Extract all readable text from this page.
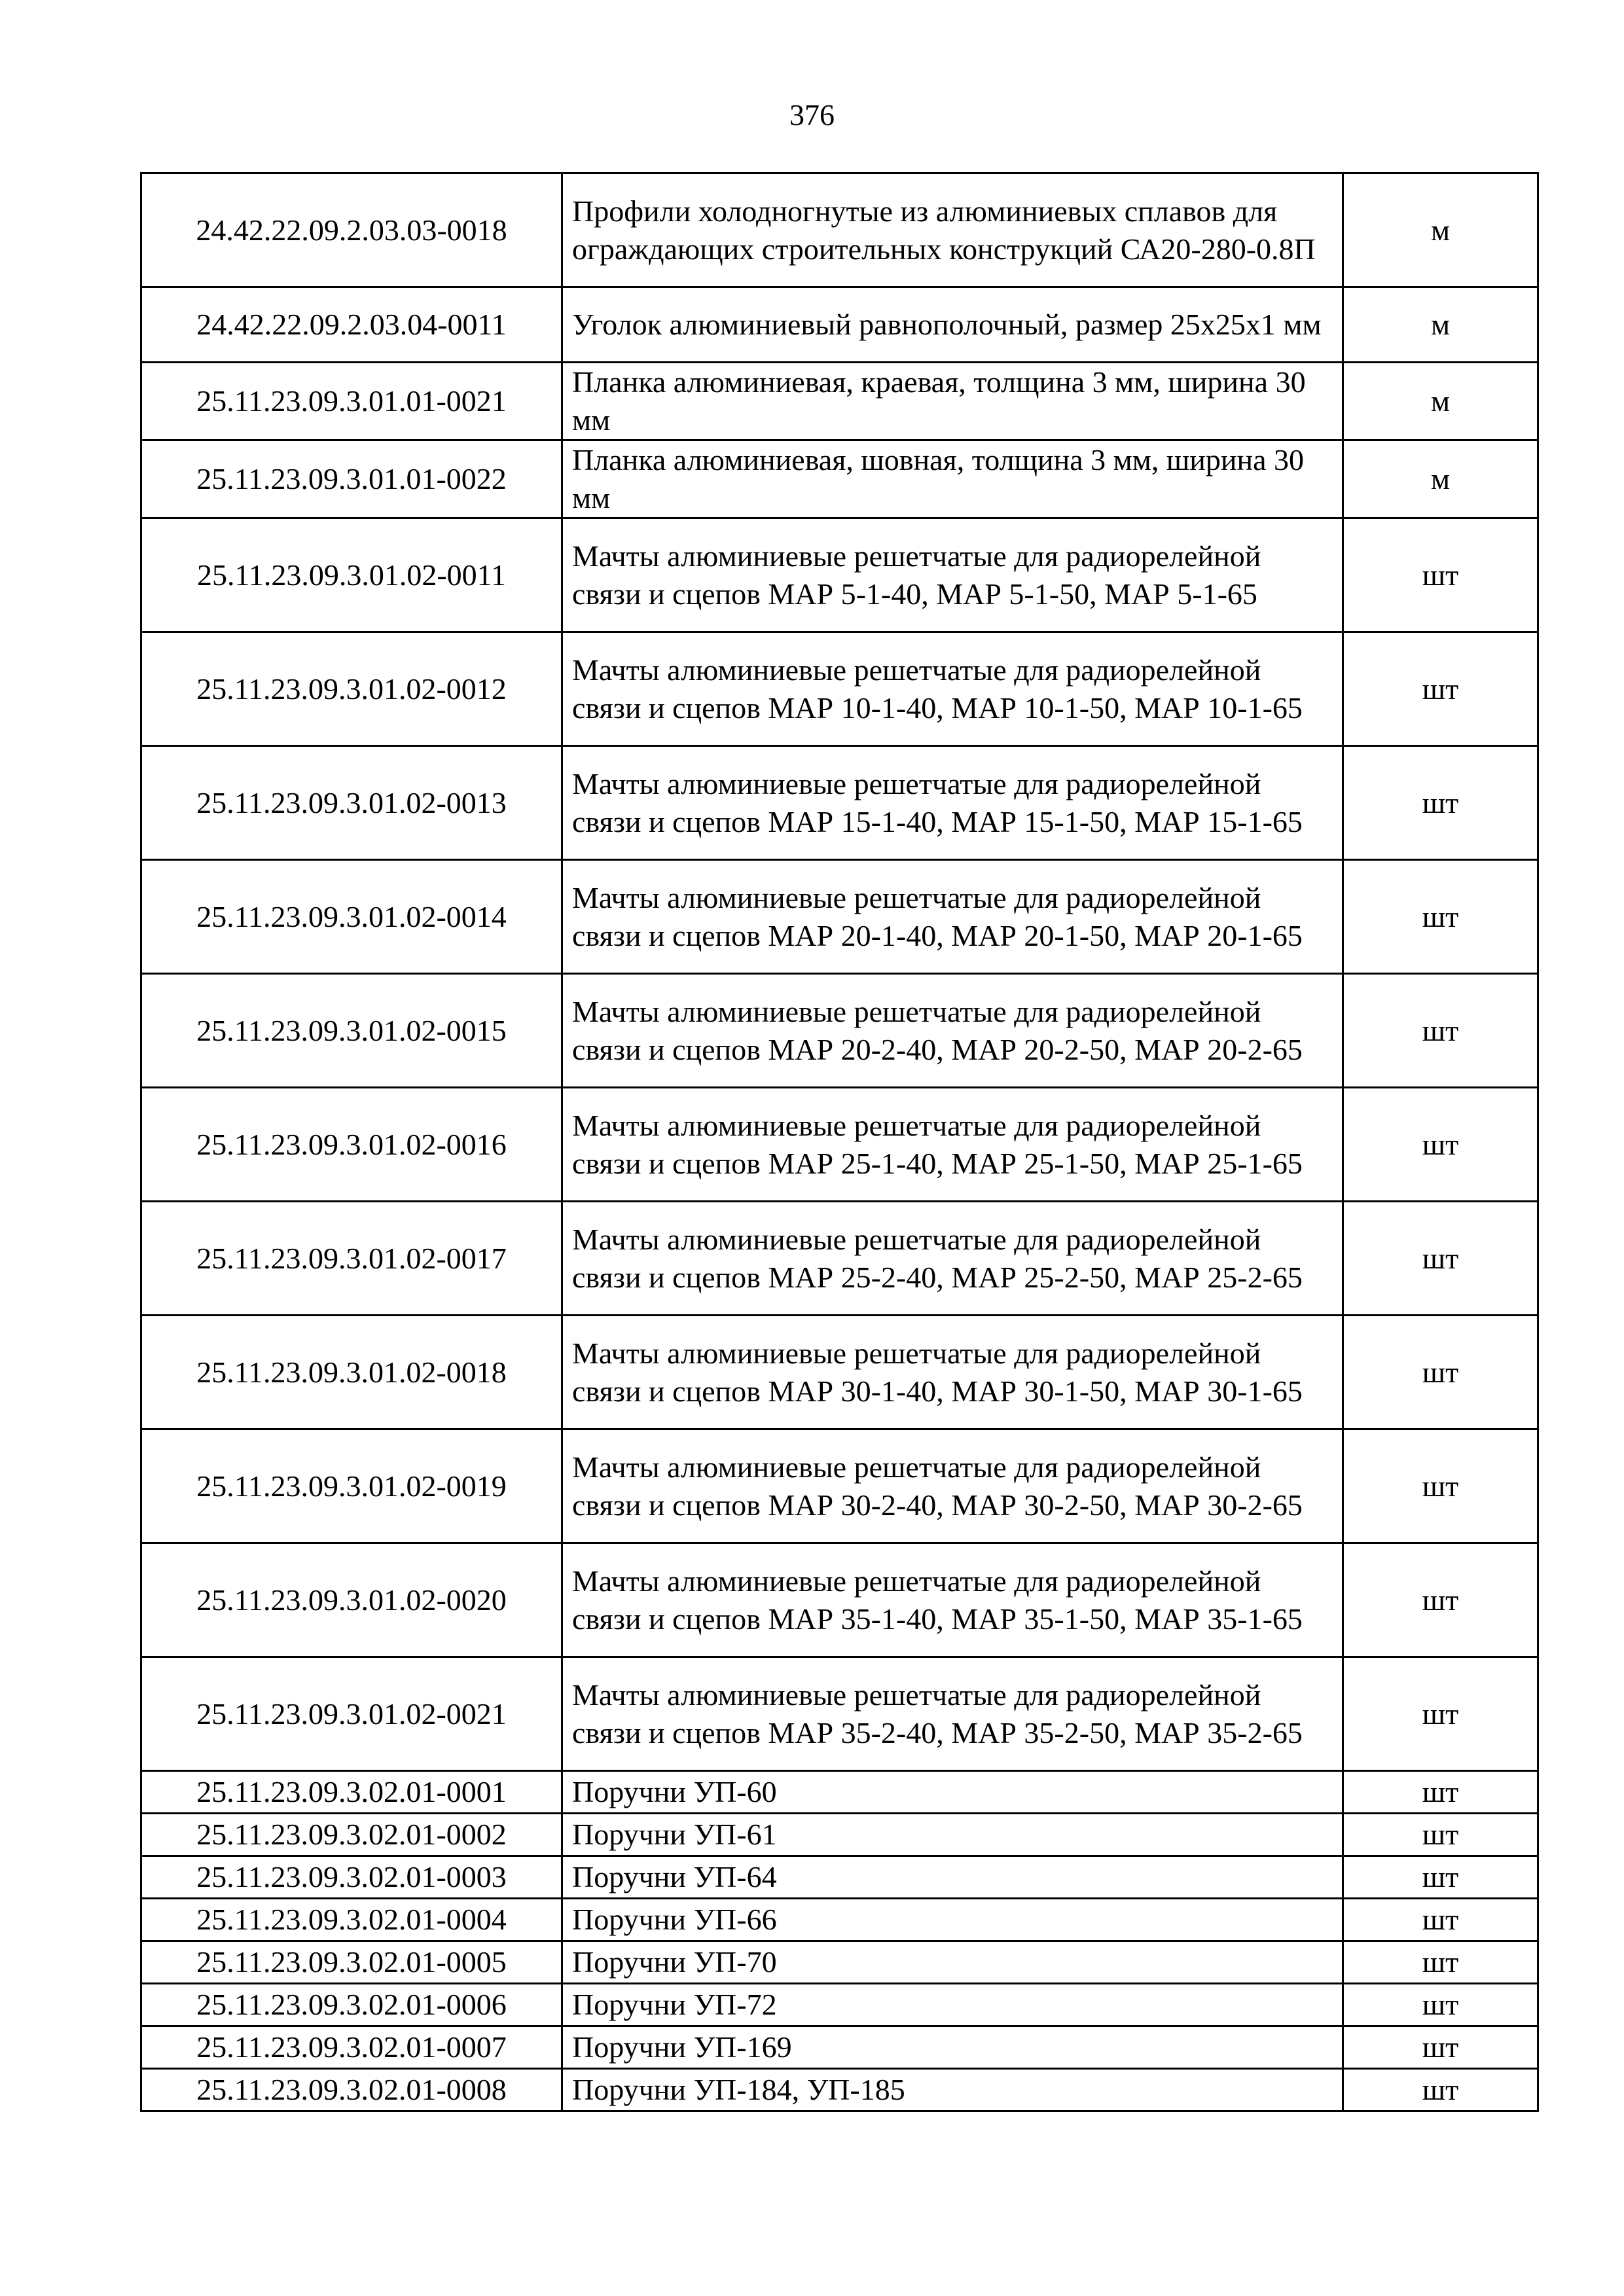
376
24.42.22.09.2.03.03-0018	Профили холодногнутые из алюминиевых сплавов для ограждающих строительных конструкций СА20-280-0.8П	м
24.42.22.09.2.03.04-0011	Уголок алюминиевый равнополочный, размер 25х25х1 мм	м
25.11.23.09.3.01.01-0021	Планка алюминиевая, краевая, толщина 3 мм, ширина 30 мм	м
25.11.23.09.3.01.01-0022	Планка алюминиевая, шовная, толщина 3 мм, ширина 30 мм	м
25.11.23.09.3.01.02-0011	Мачты алюминиевые решетчатые для радиорелейной связи и сцепов МАР 5-1-40, МАР 5-1-50, МАР 5-1-65	шт
25.11.23.09.3.01.02-0012	Мачты алюминиевые решетчатые для радиорелейной связи и сцепов МАР 10-1-40, МАР 10-1-50, МАР 10-1-65	шт
25.11.23.09.3.01.02-0013	Мачты алюминиевые решетчатые для радиорелейной связи и сцепов МАР 15-1-40, МАР 15-1-50, МАР 15-1-65	шт
25.11.23.09.3.01.02-0014	Мачты алюминиевые решетчатые для радиорелейной связи и сцепов МАР 20-1-40, МАР 20-1-50, МАР 20-1-65	шт
25.11.23.09.3.01.02-0015	Мачты алюминиевые решетчатые для радиорелейной связи и сцепов МАР 20-2-40, МАР 20-2-50, МАР 20-2-65	шт
25.11.23.09.3.01.02-0016	Мачты алюминиевые решетчатые для радиорелейной связи и сцепов МАР 25-1-40, МАР 25-1-50, МАР 25-1-65	шт
25.11.23.09.3.01.02-0017	Мачты алюминиевые решетчатые для радиорелейной связи и сцепов МАР 25-2-40, МАР 25-2-50, МАР 25-2-65	шт
25.11.23.09.3.01.02-0018	Мачты алюминиевые решетчатые для радиорелейной связи и сцепов МАР 30-1-40, МАР 30-1-50, МАР 30-1-65	шт
25.11.23.09.3.01.02-0019	Мачты алюминиевые решетчатые для радиорелейной связи и сцепов МАР 30-2-40, МАР 30-2-50, МАР 30-2-65	шт
25.11.23.09.3.01.02-0020	Мачты алюминиевые решетчатые для радиорелейной связи и сцепов МАР 35-1-40, МАР 35-1-50, МАР 35-1-65	шт
25.11.23.09.3.01.02-0021	Мачты алюминиевые решетчатые для радиорелейной связи и сцепов МАР 35-2-40, МАР 35-2-50, МАР 35-2-65	шт
25.11.23.09.3.02.01-0001	Поручни УП-60	шт
25.11.23.09.3.02.01-0002	Поручни УП-61	шт
25.11.23.09.3.02.01-0003	Поручни УП-64	шт
25.11.23.09.3.02.01-0004	Поручни УП-66	шт
25.11.23.09.3.02.01-0005	Поручни УП-70	шт
25.11.23.09.3.02.01-0006	Поручни УП-72	шт
25.11.23.09.3.02.01-0007	Поручни УП-169	шт
25.11.23.09.3.02.01-0008	Поручни УП-184, УП-185	шт
